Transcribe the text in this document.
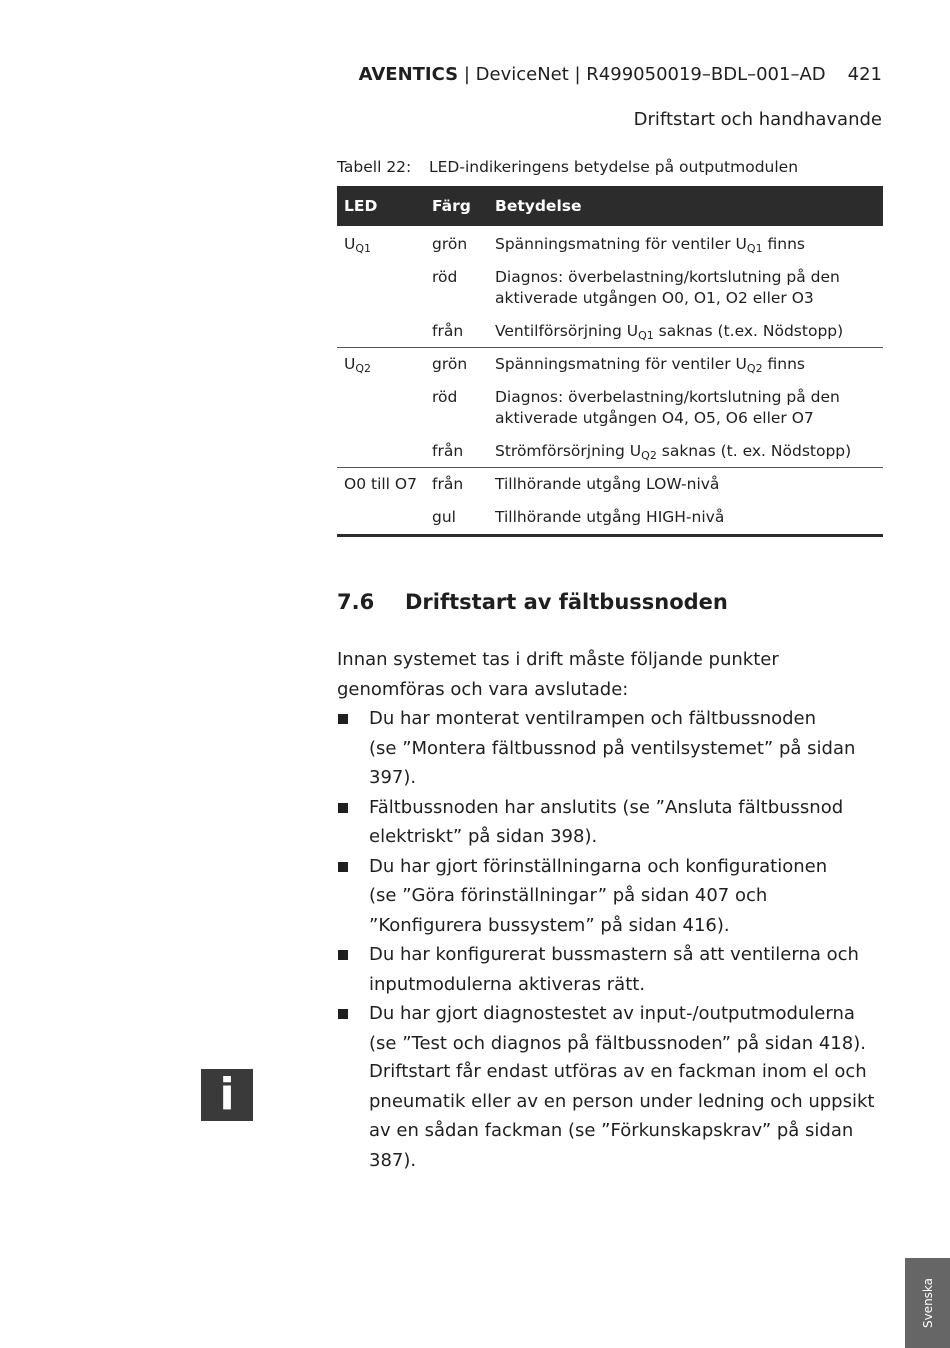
AVENTICS | DeviceNet | R499050019–BDL–001–AD 421
Driftstart och handhavande
Tabell 22: LED-indikeringens betydelse på outputmodulen
LED	Färg	Betydelse
$U_{Q1}$	grön	Spänningsmatning för ventiler $U_{Q1}$ finns
	röd	Diagnos: överbelastning/kortslutning på den aktiverade utgången O0, O1, O2 eller O3
	från	Ventilförsörjning $U_{Q1}$ saknas (t.ex. Nödstopp)
$U_{Q2}$	grön	Spänningsmatning för ventiler $U_{Q2}$ finns
	röd	Diagnos: överbelastning/kortslutning på den aktiverade utgången O4, O5, O6 eller O7
	från	Strömförsörjning $U_{Q2}$ saknas (t. ex. Nödstopp)
O0 till O7	från	Tillhörande utgång LOW-nivå
	gul	Tillhörande utgång HIGH-nivå
7.6 Driftstart av fältbussnoden

Innan systemet tas i drift måste följande punkter genomföras och vara avslutade:

Du har monterat ventilrampen och fältbussnoden
(se ”Montera fältbussnod på ventilsystemet” på sidan 397).
Fältbussnoden har anslutits (se ”Ansluta fältbussnod elektriskt” på sidan 398).
Du har gjort förinställningarna och konfigurationen
(se ”Göra förinställningar” på sidan 407 och ”Konfigurera bussystem” på sidan 416).
Du har konfigurerat bussmastern så att ventilerna och inputmodulerna aktiveras rätt.
Du har gjort diagnostestet av input-/outputmodulerna (se ”Test och diagnos på fältbussnoden” på sidan 418).
i	Driftstart får endast utföras av en fackman inom el och pneumatik eller av en person under ledning och uppsikt av en sådan fackman (se ”Förkunskapskrav” på sidan 387).
Svenska
